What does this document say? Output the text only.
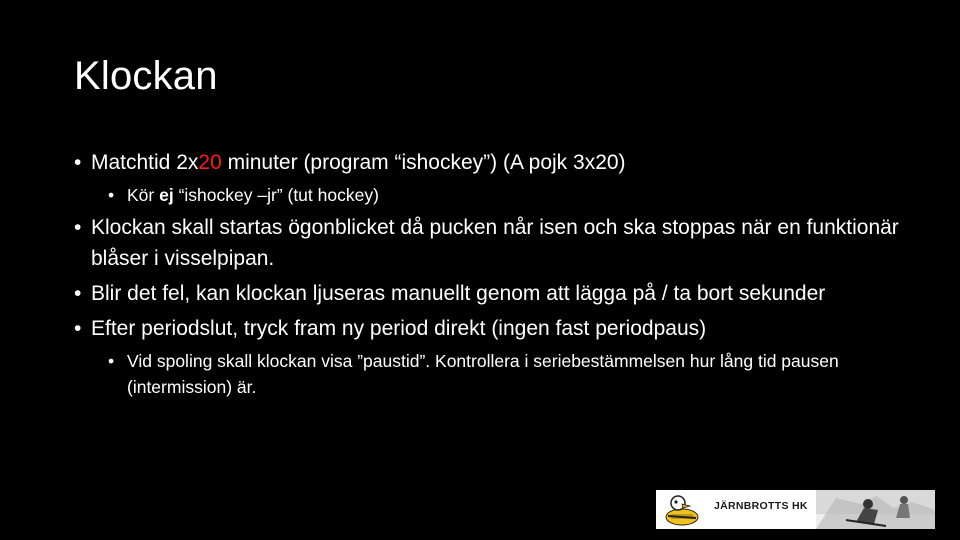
Klockan
• Matchtid 2x20 minuter (program “ishockey”) (A pojk 3x20)
• Kör ej “ishockey –jr” (tut hockey)
• Klockan skall startas ögonblicket då pucken når isen och ska stoppas när en funktionär blåser i visselpipan.
• Blir det fel, kan klockan ljuseras manuellt genom att lägga på / ta bort sekunder
• Efter periodslut, tryck fram ny period direkt (ingen fast periodpaus)
• Vid spoling skall klockan visa ”paustid”. Kontrollera i seriebestämmelsen hur lång tid pausen (intermission) är.
JÄRNBROTTS HK
